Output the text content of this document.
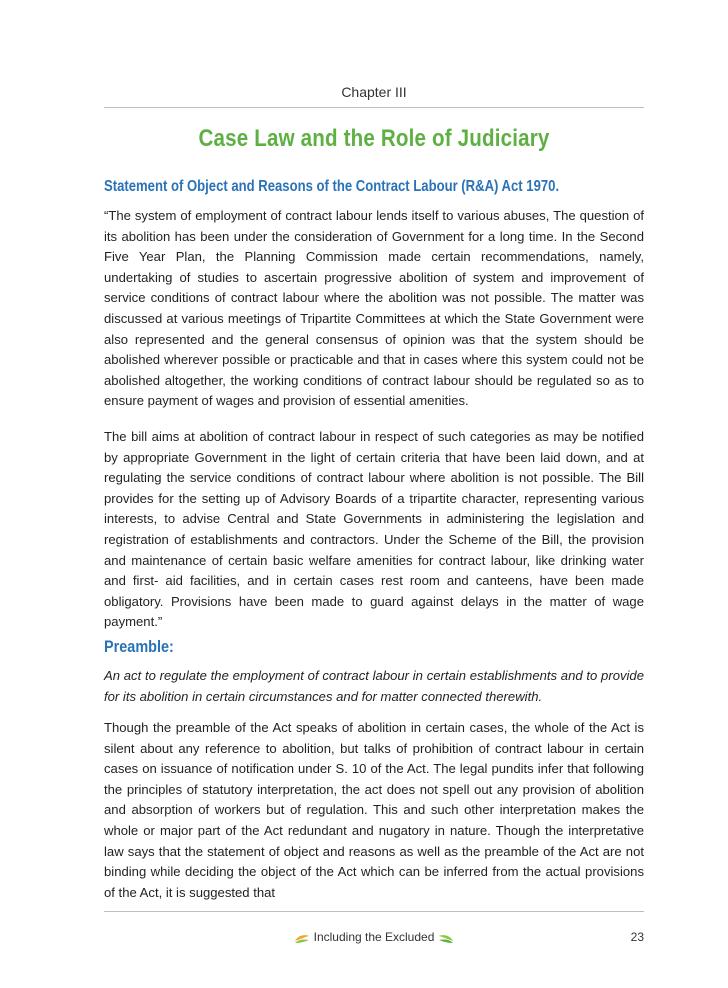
Chapter III
Case Law and the Role of Judiciary
Statement of Object and Reasons of the Contract Labour (R&A) Act 1970.

“The system of employment of contract labour lends itself to various abuses, The question of its abolition has been under the consideration of Government for a long time. In the Second Five Year Plan, the Planning Commission made certain recommendations, namely, undertaking of studies to ascertain progressive abolition of system and improvement of service conditions of contract labour where the abolition was not possible. The matter was discussed at various meetings of Tripartite Committees at which the State Government were also represented and the general consensus of opinion was that the system should be abolished wherever possible or practicable and that in cases where this system could not be abolished altogether, the working conditions of contract labour should be regulated so as to ensure payment of wages and provision of essential amenities.

The bill aims at abolition of contract labour in respect of such categories as may be notified by appropriate Government in the light of certain criteria that have been laid down, and at regulating the service conditions of contract labour where abolition is not possible. The Bill provides for the setting up of Advisory Boards of a tripartite character, representing various interests, to advise Central and State Governments in administering the legislation and registration of establishments and contractors. Under the Scheme of the Bill, the provision and maintenance of certain basic welfare amenities for contract labour, like drinking water and first- aid facilities, and in certain cases rest room and canteens, have been made obligatory. Provisions have been made to guard against delays in the matter of wage payment.”

Preamble:

An act to regulate the employment of contract labour in certain establishments and to provide for its abolition in certain circumstances and for matter connected therewith.

Though the preamble of the Act speaks of abolition in certain cases, the whole of the Act is silent about any reference to abolition, but talks of prohibition of contract labour in certain cases on issuance of notification under S. 10 of the Act. The legal pundits infer that following the principles of statutory interpretation, the act does not spell out any provision of abolition and absorption of workers but of regulation. This and such other interpretation makes the whole or major part of the Act redundant and nugatory in nature. Though the interpretative law says that the statement of object and reasons as well as the preamble of the Act are not binding while deciding the object of the Act which can be inferred from the actual provisions of the Act, it is suggested that

Including the Excluded	23
